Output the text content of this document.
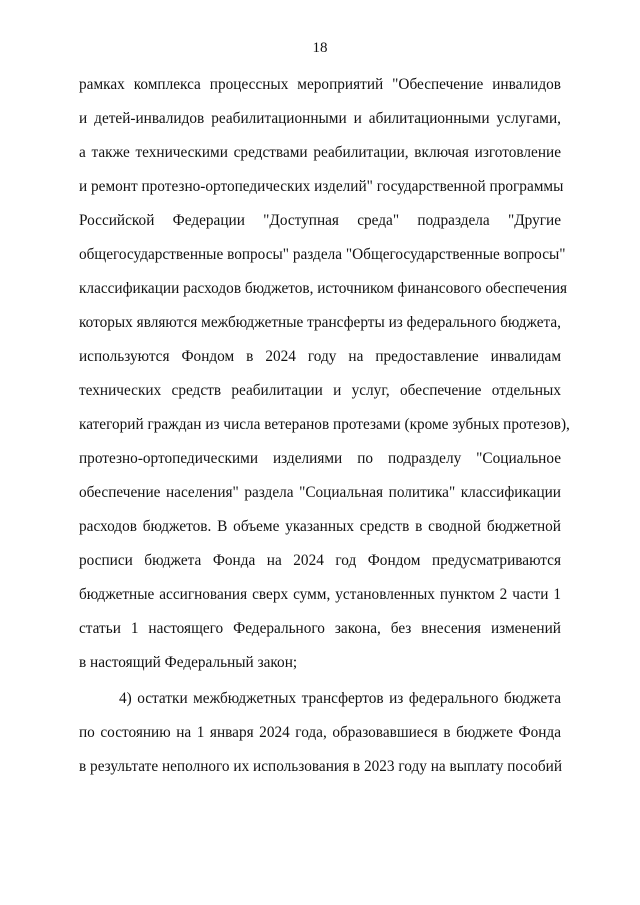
18
рамках комплекса процессных мероприятий "Обеспечение инвалидов
и детей-инвалидов реабилитационными и абилитационными услугами,
а также техническими средствами реабилитации, включая изготовление
и ремонт протезно-ортопедических изделий" государственной программы
Российской Федерации "Доступная среда" подраздела "Другие
общегосударственные вопросы" раздела "Общегосударственные вопросы"
классификации расходов бюджетов, источником финансового обеспечения
которых являются межбюджетные трансферты из федерального бюджета,
используются Фондом в 2024 году на предоставление инвалидам
технических средств реабилитации и услуг, обеспечение отдельных
категорий граждан из числа ветеранов протезами (кроме зубных протезов),
протезно-ортопедическими изделиями по подразделу "Социальное
обеспечение населения" раздела "Социальная политика" классификации
расходов бюджетов. В объеме указанных средств в сводной бюджетной
росписи бюджета Фонда на 2024 год Фондом предусматриваются
бюджетные ассигнования сверх сумм, установленных пунктом 2 части 1
статьи 1 настоящего Федерального закона, без внесения изменений
в настоящий Федеральный закон;
4) остатки межбюджетных трансфертов из федерального бюджета
по состоянию на 1 января 2024 года, образовавшиеся в бюджете Фонда
в результате неполного их использования в 2023 году на выплату пособий
